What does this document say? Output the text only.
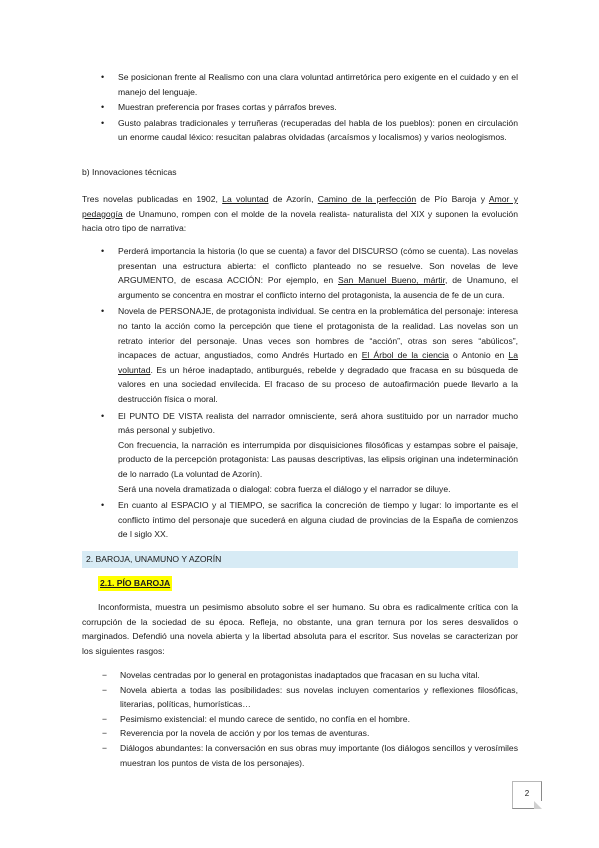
• Se posicionan frente al Realismo con una clara voluntad antirretórica pero exigente en el cuidado y en el manejo del lenguaje.
• Muestran preferencia por frases cortas y párrafos breves.
• Gusto palabras tradicionales y terruñeras (recuperadas del habla de los pueblos): ponen en circulación un enorme caudal léxico: resucitan palabras olvidadas (arcaísmos y localismos) y varios neologismos.
b) Innovaciones técnicas
Tres novelas publicadas en 1902, La voluntad de Azorín, Camino de la perfección de Pío Baroja y Amor y pedagogía de Unamuno, rompen con el molde de la novela realista- naturalista del XIX y suponen la evolución hacia otro tipo de narrativa:
• Perderá importancia la historia (lo que se cuenta) a favor del DISCURSO (cómo se cuenta). Las novelas presentan una estructura abierta: el conflicto planteado no se resuelve. Son novelas de leve ARGUMENTO, de escasa ACCIÓN: Por ejemplo, en San Manuel Bueno, mártir, de Unamuno, el argumento se concentra en mostrar el conflicto interno del protagonista, la ausencia de fe de un cura.
• Novela de PERSONAJE, de protagonista individual. Se centra en la problemática del personaje: interesa no tanto la acción como la percepción que tiene el protagonista de la realidad. Las novelas son un retrato interior del personaje. Unas veces son hombres de “acción”, otras son seres “abúlicos”, incapaces de actuar, angustiados, como Andrés Hurtado en El Árbol de la ciencia o Antonio en La voluntad. Es un héroe inadaptado, antiburgués, rebelde y degradado que fracasa en su búsqueda de valores en una sociedad envilecida. El fracaso de su proceso de autoafirmación puede llevarlo a la destrucción física o moral.
• El PUNTO DE VISTA realista del narrador omnisciente, será ahora sustituido por un narrador mucho más personal y subjetivo.
Con frecuencia, la narración es interrumpida por disquisiciones filosóficas y estampas sobre el paisaje, producto de la percepción protagonista: Las pausas descriptivas, las elipsis originan una indeterminación de lo narrado (La voluntad de Azorín).
Será una novela dramatizada o dialogal: cobra fuerza el diálogo y el narrador se diluye.
• En cuanto al ESPACIO y al TIEMPO, se sacrifica la concreción de tiempo y lugar: lo importante es el conflicto íntimo del personaje que sucederá en alguna ciudad de provincias de la España de comienzos de l siglo XX.
2. BAROJA, UNAMUNO Y AZORÍN
2.1. PÍO BAROJA
Inconformista, muestra un pesimismo absoluto sobre el ser humano. Su obra es radicalmente crítica con la corrupción de la sociedad de su época. Refleja, no obstante, una gran ternura por los seres desvalidos o marginados. Defendió una novela abierta y la libertad absoluta para el escritor. Sus novelas se caracterizan por los siguientes rasgos:
− Novelas centradas por lo general en protagonistas inadaptados que fracasan en su lucha vital.
− Novela abierta a todas las posibilidades: sus novelas incluyen comentarios y reflexiones filosóficas, literarias, políticas, humorísticas…
− Pesimismo existencial: el mundo carece de sentido, no confía en el hombre.
− Reverencia por la novela de acción y por los temas de aventuras.
− Diálogos abundantes: la conversación en sus obras muy importante (los diálogos sencillos y verosímiles muestran los puntos de vista de los personajes).
2
